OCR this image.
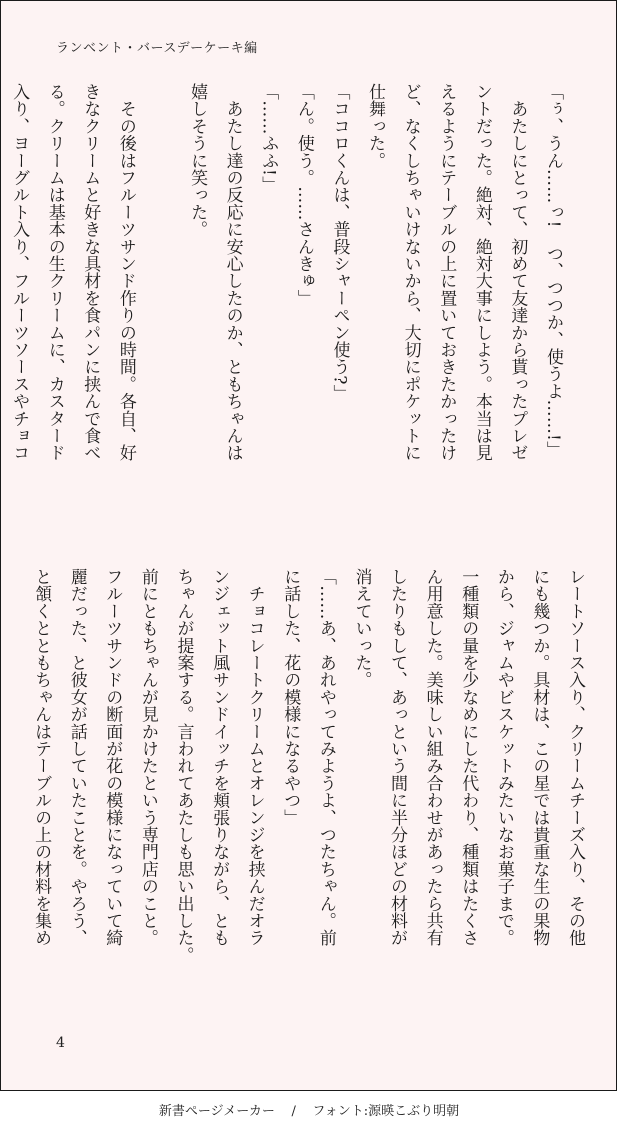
ランベント・バースデーケーキ編

「ぅ、うん……っ!　つ、つつか、使うよ……!」

　あたしにとって、初めて友達から貰ったプレゼ

ントだった。絶対、絶対大事にしよう。本当は見

えるようにテーブルの上に置いておきたかったけ

ど、なくしちゃいけないから、大切にポケットに

仕舞った。

「ココロくんは、普段シャーペン使う?」

「ん。使う。……さんきゅ」

「……ふふ!」

　あたし達の反応に安心したのか、ともちゃんは

嬉しそうに笑った。

　その後はフルーツサンド作りの時間。各自、好

きなクリームと好きな具材を食パンに挟んで食べ

る。クリームは基本の生クリームに、カスタード

入り、ヨーグルト入り、フルーツソースやチョコ

レートソース入り、クリームチーズ入り、その他

にも幾つか。具材は、この星では貴重な生の果物

から、ジャムやビスケットみたいなお菓子まで。

一種類の量を少なめにした代わり、種類はたくさ

ん用意した。美味しい組み合わせがあったら共有

したりもして、あっという間に半分ほどの材料が

消えていった。

「……あ、あれやってみようよ、つたちゃん。前

に話した、花の模様になるやつ」

　チョコレートクリームとオレンジを挟んだオラ

ンジェット風サンドイッチを頬張りながら、とも

ちゃんが提案する。言われてあたしも思い出した。

前にともちゃんが見かけたという専門店のこと。

フルーツサンドの断面が花の模様になっていて綺

麗だった、と彼女が話していたことを。やろう、

と頷くとともちゃんはテーブルの上の材料を集め

4
新書ページメーカー / フォント:源暎こぶり明朝
